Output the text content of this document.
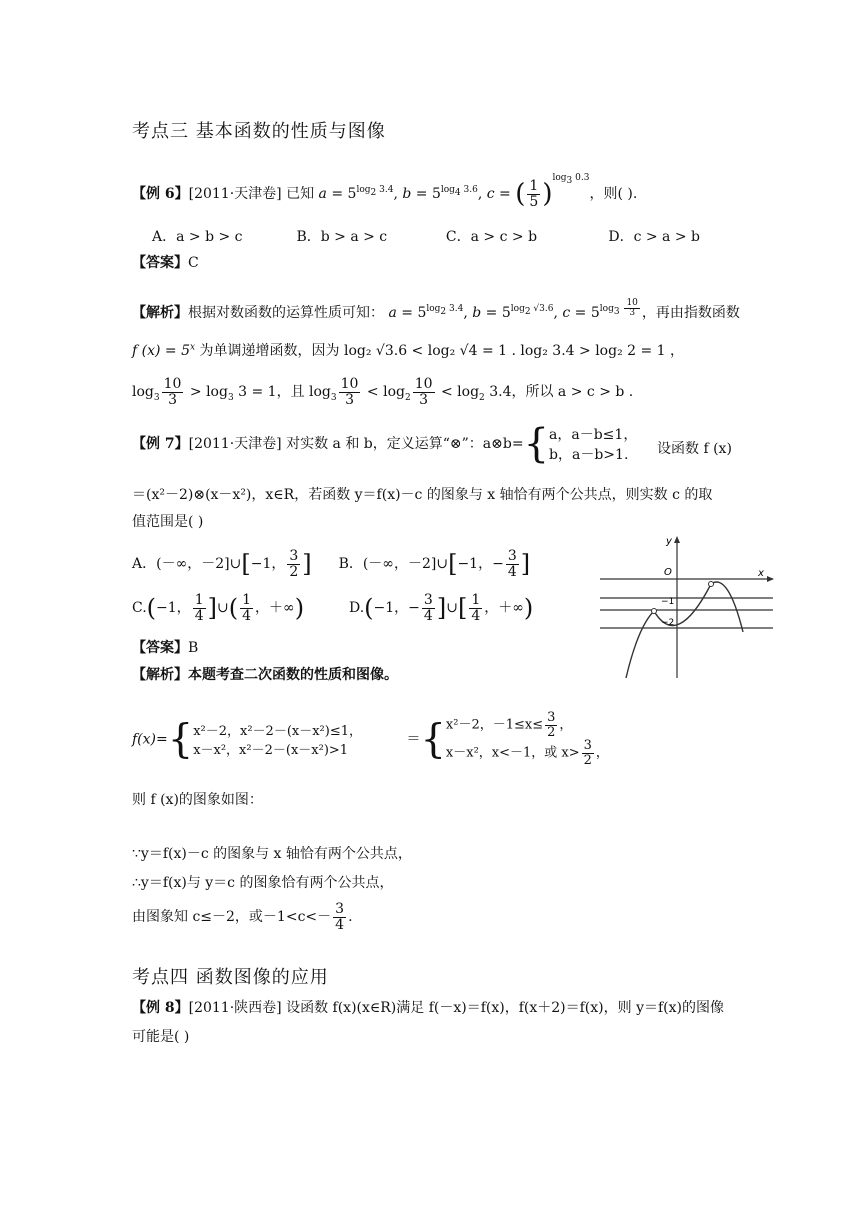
考点三 基本函数的性质与图像
【例 6】[2011·天津卷] 已知 $a = 5^{log_2 3.4}$, $b = 5^{log_4 3.6}$, c = ( $\frac{1}{5} )^{log_3 0.3}$，则( ).
A．a > b > c	B．b > a > c	C．a > c > b	D．c > a > b
【答案】C
【解析】根据对数函数的运算性质可知： $a = 5^{log_2 3.4}$, $b = 5^{log_2 √3.6}$, $c = 5^{log_3 \frac{10}{3}}$ ，再由指数函数
f $(x) = 5^x$ 为单调递增函数，因为 log₂ √3.6 < log₂ √4 = 1 . log₂ 3.4 > log₂ 2 = 1 ，
$\log_3 \frac{10}{3} > \log_3 3 = 1$，且 $\log_3 \frac{10}{3} < \log_2 \frac{10}{3} < \log_2 3.4$，所以 a > c > b .
【例 7】[2011·天津卷] 对实数 a 和 b，定义运算“⊗”：a⊗b={ a，a－b≤1，
b，a－b>1.	设函数 f (x)
＝(x²－2)⊗(x－x²)，x∈R，若函数 y＝f(x)－c 的图象与 x 轴恰有两个公共点，则实数 c 的取
值范围是( )
A．(－∞，－2]∪[−1， $\frac{3}{2}$ ] B．(－∞，－2]∪[−1，− $\frac{3}{4}$ ]
C.(−1， $\frac{1}{4}$ ]∪( $\frac{1}{4}$ ，＋∞)	D.(−1，− $\frac{3}{4}$ ]∪[ $\frac{1}{4}$ ，＋∞)
【答案】B
【解析】本题考查二次函数的性质和图像。
f(x)={ x²－2，x²－2－(x－x²)≤1，
x－x²，x²－2－(x－x²)>1
＝{ x²－2，$-1\le x\le \frac{3}{2}$ ，
x－x²，x<－1，或 $x> \frac{3}{2}$ ，
则 f (x)的图象如图：
∵y＝f(x)－c 的图象与 x 轴恰有两个公共点，
∴y＝f(x)与 y＝c 的图象恰有两个公共点，
由图象知 c≤－2，或$-1<c<- \frac{3}{4}$ .
y
x
O
−1
−2
考点四 函数图像的应用
【例 8】[2011·陕西卷] 设函数 f(x)(x∈R)满足 f(－x)＝f(x)，f(x＋2)＝f(x)，则 y＝f(x)的图像
可能是( )
